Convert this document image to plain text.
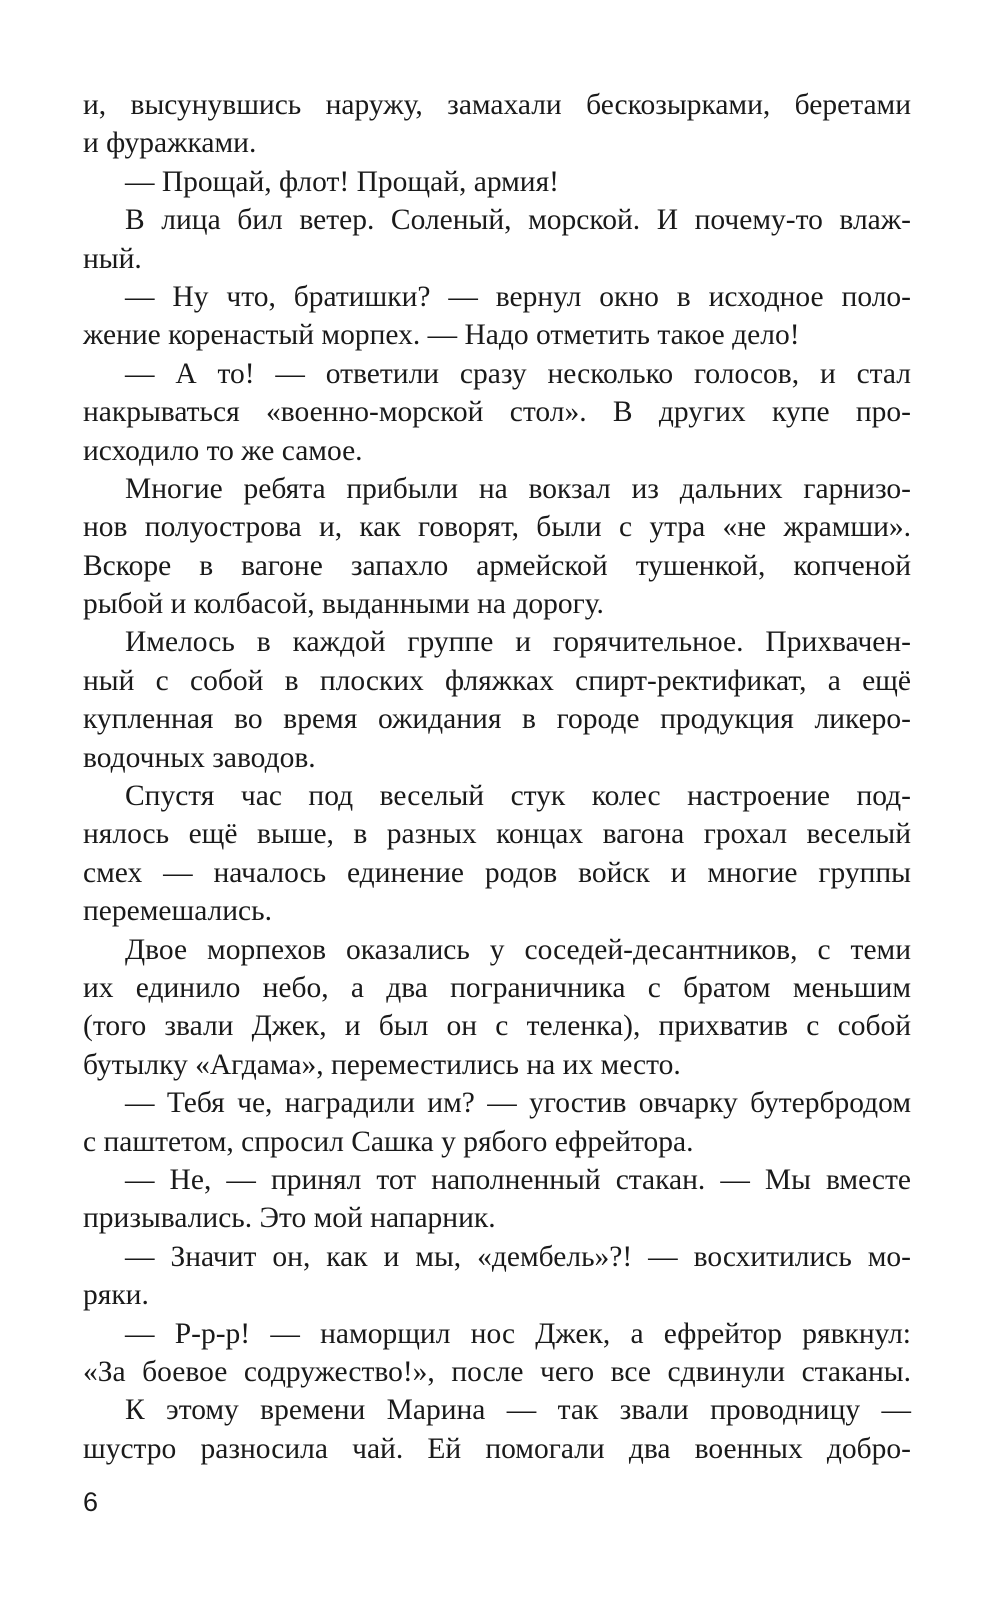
и, высунувшись наружу, замахали бескозырками, беретами
и фуражками.
— Прощай, флот! Прощай, армия!
В лица бил ветер. Соленый, морской. И почему-то влаж-
ный.
— Ну что, братишки? — вернул окно в исходное поло-
жение коренастый морпех. — Надо отметить такое дело!
— А то! — ответили сразу несколько голосов, и стал
накрываться «военно-морской стол». В других купе про-
исходило то же самое.
Многие ребята прибыли на вокзал из дальних гарнизо-
нов полуострова и, как говорят, были с утра «не жрамши».
Вскоре в вагоне запахло армейской тушенкой, копченой
рыбой и колбасой, выданными на дорогу.
Имелось в каждой группе и горячительное. Прихвачен-
ный с собой в плоских фляжках спирт-ректификат, а ещё
купленная во время ожидания в городе продукция ликеро-
водочных заводов.
Спустя час под веселый стук колес настроение под-
нялось ещё выше, в разных концах вагона грохал веселый
смех — началось единение родов войск и многие группы
перемешались.
Двое морпехов оказались у соседей-десантников, с теми
их единило небо, а два пограничника с братом меньшим
(того звали Джек, и был он с теленка), прихватив с собой
бутылку «Агдама», переместились на их место.
— Тебя че, наградили им? — угостив овчарку бутербродом
с паштетом, спросил Сашка у рябого ефрейтора.
— Не, — принял тот наполненный стакан. — Мы вместе
призывались. Это мой напарник.
— Значит он, как и мы, «дембель»?! — восхитились мо-
ряки.
— Р-р-р! — наморщил нос Джек, а ефрейтор рявкнул:
«За боевое содружество!», после чего все сдвинули стаканы.
К этому времени Марина — так звали проводницу —
шустро разносила чай. Ей помогали два военных добро-
6
